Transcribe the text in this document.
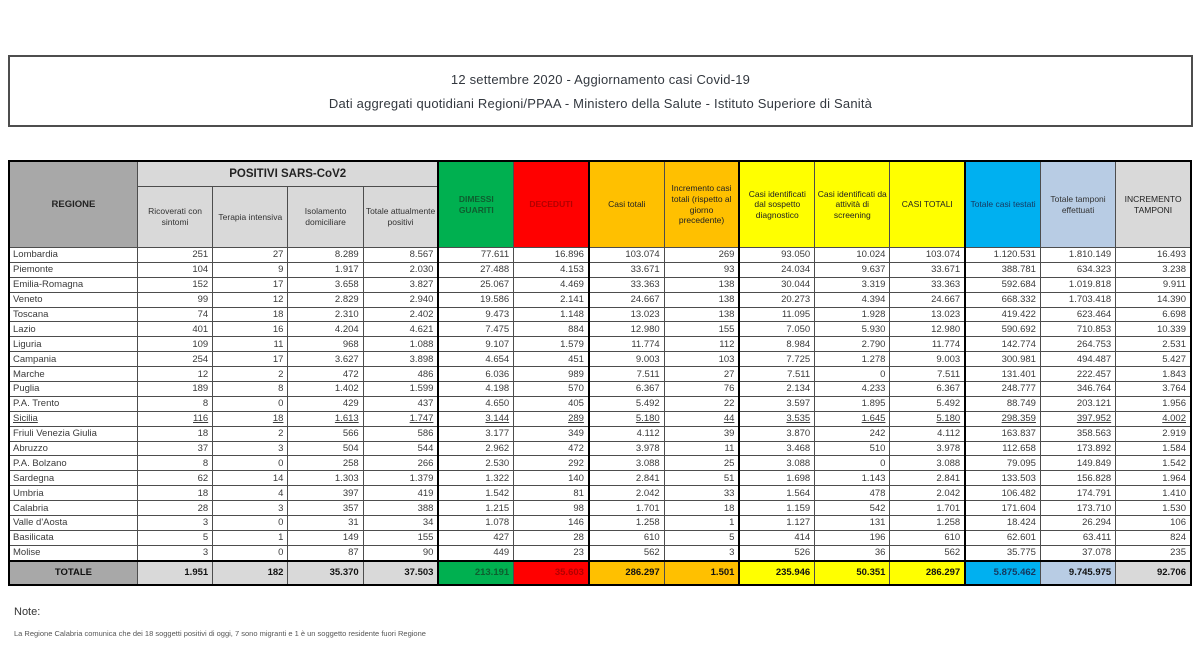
12 settembre 2020 - Aggiornamento casi Covid-19
Dati aggregati quotidiani Regioni/PPAA - Ministero della Salute - Istituto Superiore di Sanità
REGIONE	POSITIVI SARS-CoV2				DIMESSI GUARITI	DECEDUTI	Casi totali	Incremento casi totali (rispetto al giorno precedente)	Casi identificati dal sospetto diagnostico	Casi identificati da attività di screening	CASI TOTALI	Totale casi testati	Totale tamponi effettuati	INCREMENTO TAMPONI
	Ricoverati con sintomi	Terapia intensiva	Isolamento domiciliare	Totale attualmente positivi										
Lombardia	251	27	8.289	8.567	77.611	16.896	103.074	269	93.050	10.024	103.074	1.120.531	1.810.149	16.493
Piemonte	104	9	1.917	2.030	27.488	4.153	33.671	93	24.034	9.637	33.671	388.781	634.323	3.238
Emilia-Romagna	152	17	3.658	3.827	25.067	4.469	33.363	138	30.044	3.319	33.363	592.684	1.019.818	9.911
Veneto	99	12	2.829	2.940	19.586	2.141	24.667	138	20.273	4.394	24.667	668.332	1.703.418	14.390
Toscana	74	18	2.310	2.402	9.473	1.148	13.023	138	11.095	1.928	13.023	419.422	623.464	6.698
Lazio	401	16	4.204	4.621	7.475	884	12.980	155	7.050	5.930	12.980	590.692	710.853	10.339
Liguria	109	11	968	1.088	9.107	1.579	11.774	112	8.984	2.790	11.774	142.774	264.753	2.531
Campania	254	17	3.627	3.898	4.654	451	9.003	103	7.725	1.278	9.003	300.981	494.487	5.427
Marche	12	2	472	486	6.036	989	7.511	27	7.511	0	7.511	131.401	222.457	1.843
Puglia	189	8	1.402	1.599	4.198	570	6.367	76	2.134	4.233	6.367	248.777	346.764	3.764
P.A. Trento	8	0	429	437	4.650	405	5.492	22	3.597	1.895	5.492	88.749	203.121	1.956
Sicilia	116	18	1.613	1.747	3.144	289	5.180	44	3.535	1.645	5.180	298.359	397.952	4.002
Friuli Venezia Giulia	18	2	566	586	3.177	349	4.112	39	3.870	242	4.112	163.837	358.563	2.919
Abruzzo	37	3	504	544	2.962	472	3.978	11	3.468	510	3.978	112.658	173.892	1.584
P.A. Bolzano	8	0	258	266	2.530	292	3.088	25	3.088	0	3.088	79.095	149.849	1.542
Sardegna	62	14	1.303	1.379	1.322	140	2.841	51	1.698	1.143	2.841	133.503	156.828	1.964
Umbria	18	4	397	419	1.542	81	2.042	33	1.564	478	2.042	106.482	174.791	1.410
Calabria	28	3	357	388	1.215	98	1.701	18	1.159	542	1.701	171.604	173.710	1.530
Valle d'Aosta	3	0	31	34	1.078	146	1.258	1	1.127	131	1.258	18.424	26.294	106
Basilicata	5	1	149	155	427	28	610	5	414	196	610	62.601	63.411	824
Molise	3	0	87	90	449	23	562	3	526	36	562	35.775	37.078	235
TOTALE	1.951	182	35.370	37.503	213.191	35.603	286.297	1.501	235.946	50.351	286.297	5.875.462	9.745.975	92.706
Note:
La Regione Calabria comunica che dei 18 soggetti positivi di oggi, 7 sono migranti e 1 è un soggetto residente fuori Regione
